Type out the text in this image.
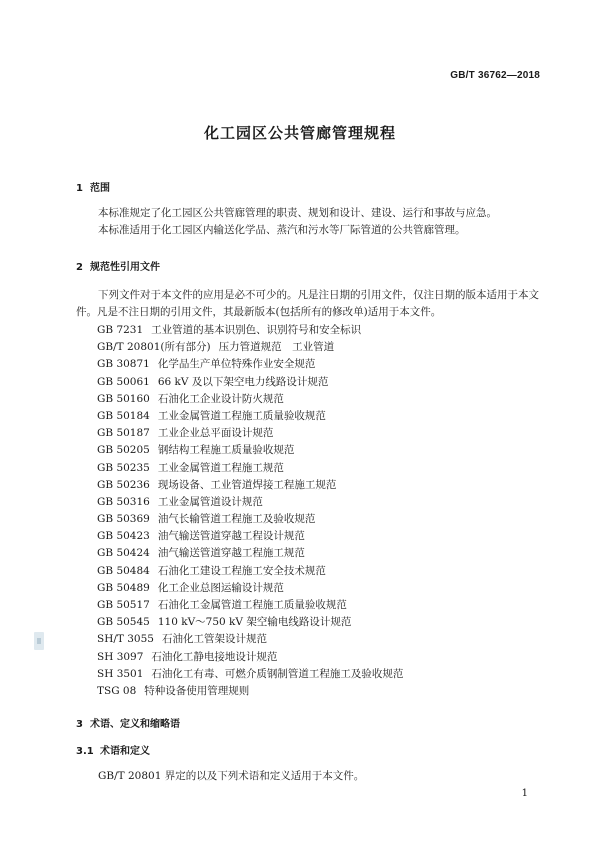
GB/T 36762—2018
化工园区公共管廊管理规程
1 范围
本标准规定了化工园区公共管廊管理的职责、规划和设计、建设、运行和事故与应急。
本标准适用于化工园区内输送化学品、蒸汽和污水等厂际管道的公共管廊管理。
2 规范性引用文件
下列文件对于本文件的应用是必不可少的。凡是注日期的引用文件，仅注日期的版本适用于本文件。凡是不注日期的引用文件，其最新版本(包括所有的修改单)适用于本文件。
GB 7231 工业管道的基本识别色、识别符号和安全标识
GB/T 20801(所有部分) 压力管道规范　工业管道
GB 30871 化学品生产单位特殊作业安全规范
GB 50061 66 kV 及以下架空电力线路设计规范
GB 50160 石油化工企业设计防火规范
GB 50184 工业金属管道工程施工质量验收规范
GB 50187 工业企业总平面设计规范
GB 50205 钢结构工程施工质量验收规范
GB 50235 工业金属管道工程施工规范
GB 50236 现场设备、工业管道焊接工程施工规范
GB 50316 工业金属管道设计规范
GB 50369 油气长输管道工程施工及验收规范
GB 50423 油气输送管道穿越工程设计规范
GB 50424 油气输送管道穿越工程施工规范
GB 50484 石油化工建设工程施工安全技术规范
GB 50489 化工企业总图运输设计规范
GB 50517 石油化工金属管道工程施工质量验收规范
GB 50545 110 kV～750 kV 架空输电线路设计规范
SH/T 3055 石油化工管架设计规范
SH 3097 石油化工静电接地设计规范
SH 3501 石油化工有毒、可燃介质钢制管道工程施工及验收规范
TSG 08 特种设备使用管理规则
3 术语、定义和缩略语
3.1 术语和定义
GB/T 20801 界定的以及下列术语和定义适用于本文件。
1
